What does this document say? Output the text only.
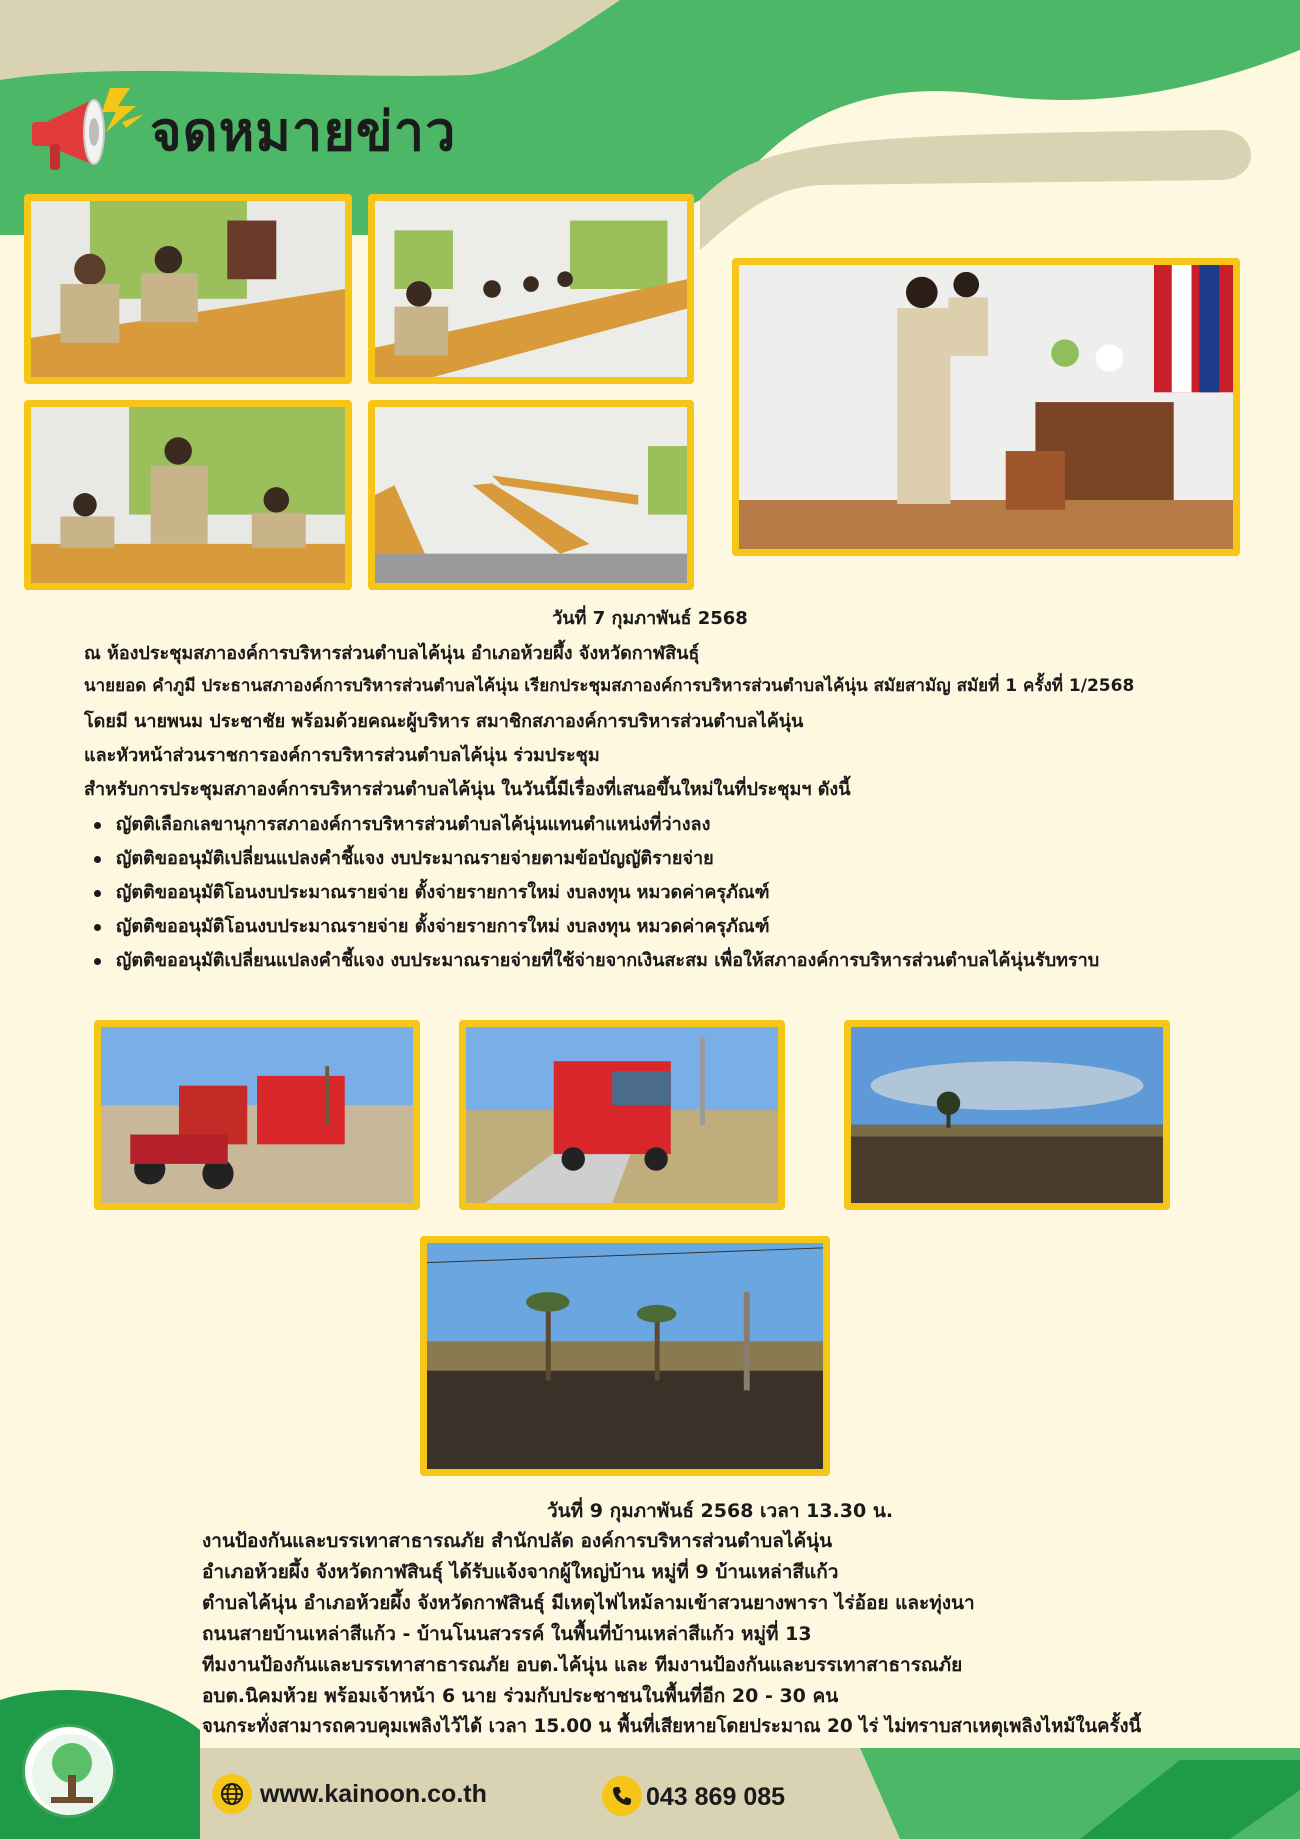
จดหมายข่าว
วันที่ 7 กุมภาพันธ์ 2568
ณ ห้องประชุมสภาองค์การบริหารส่วนตำบลไค้นุ่น อำเภอห้วยผึ้ง จังหวัดกาฬสินธุ์
นายยอด คำภูมี ประธานสภาองค์การบริหารส่วนตำบลไค้นุ่น เรียกประชุมสภาองค์การบริหารส่วนตำบลไค้นุ่น สมัยสามัญ สมัยที่ 1 ครั้งที่ 1/2568
โดยมี นายพนม ประชาชัย พร้อมด้วยคณะผู้บริหาร สมาชิกสภาองค์การบริหารส่วนตำบลไค้นุ่น
และหัวหน้าส่วนราชการองค์การบริหารส่วนตำบลไค้นุ่น ร่วมประชุม
สำหรับการประชุมสภาองค์การบริหารส่วนตำบลไค้นุ่น ในวันนี้มีเรื่องที่เสนอขึ้นใหม่ในที่ประชุมฯ ดังนี้
ญัตติเลือกเลขานุการสภาองค์การบริหารส่วนตำบลไค้นุ่นแทนตำแหน่งที่ว่างลง
ญัตติขออนุมัติเปลี่ยนแปลงคำชี้แจง งบประมาณรายจ่ายตามข้อบัญญัติรายจ่าย
ญัตติขออนุมัติโอนงบประมาณรายจ่าย ตั้งจ่ายรายการใหม่ งบลงทุน หมวดค่าครุภัณฑ์
ญัตติขออนุมัติโอนงบประมาณรายจ่าย ตั้งจ่ายรายการใหม่ งบลงทุน หมวดค่าครุภัณฑ์
ญัตติขออนุมัติเปลี่ยนแปลงคำชี้แจง งบประมาณรายจ่ายที่ใช้จ่ายจากเงินสะสม เพื่อให้สภาองค์การบริหารส่วนตำบลไค้นุ่นรับทราบ
วันที่ 9 กุมภาพันธ์ 2568 เวลา 13.30 น.
งานป้องกันและบรรเทาสาธารณภัย สำนักปลัด องค์การบริหารส่วนตำบลไค้นุ่น
อำเภอห้วยผึ้ง จังหวัดกาฬสินธุ์ ได้รับแจ้งจากผู้ใหญ่บ้าน หมู่ที่ 9 บ้านเหล่าสีแก้ว
ตำบลไค้นุ่น อำเภอห้วยผึ้ง จังหวัดกาฬสินธุ์ มีเหตุไฟไหม้ลามเข้าสวนยางพารา ไร่อ้อย และทุ่งนา
ถนนสายบ้านเหล่าสีแก้ว - บ้านโนนสวรรค์ ในพื้นที่บ้านเหล่าสีแก้ว หมู่ที่ 13
ทีมงานป้องกันและบรรเทาสาธารณภัย อบต.ไค้นุ่น และ ทีมงานป้องกันและบรรเทาสาธารณภัย
อบต.นิคมห้วย พร้อมเจ้าหน้า 6 นาย ร่วมกับประชาชนในพื้นที่อีก 20 - 30 คน
จนกระทั่งสามารถควบคุมเพลิงไว้ได้ เวลา 15.00 น พื้นที่เสียหายโดยประมาณ 20 ไร่ ไม่ทราบสาเหตุเพลิงไหม้ในครั้งนี้
www.kainoon.co.th	043 869 085
